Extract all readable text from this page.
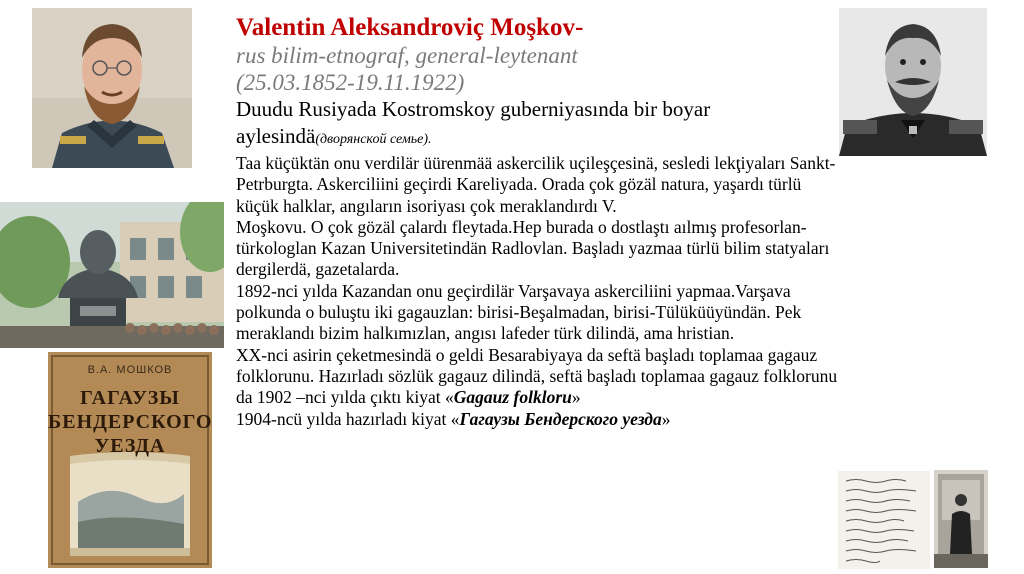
В.А. МОШКОВ
ГАГАУЗЫ
БЕНДЕРСКОГО
УЕЗДА
Valentin Aleksandroviç Moşkov-
rus bilim-etnograf, general-leytenant
(25.03.1852-19.11.1922)
Duudu Rusiyada Kostromskoy guberniyasında bir boyar
aylesindä(дворянской семье).
Taa küçüktän onu verdilär üürenmää askercilik uçileşçesinä, sesledi lekţiyaları Sankt-
Petrburgta. Askerciliini geçirdi Kareliyada. Orada çok gözäl natura, yaşardı türlü
küçük halklar, angıların isoriyası çok meraklandırdı V.
Moşkovu. O çok gözäl çalardı fleytada.Hep burada o dostlaştı aılmış profesorlan-
türkologlan Kazan Universitetindän Radlovlan. Başladı yazmaa türlü bilim statyaları
dergilerdä, gazetalarda.
1892-nci yılda Kazandan onu geçirdilär Varşavaya askerciliini yapmaa.Varşava
polkunda o buluştu iki gagauzlan: birisi-Beşalmadan, birisi-Tülüküüyündän. Pek
meraklandı bizim halkımızlan, angısı lafeder türk dilindä, ama hristian.
XX-nci asirin çeketmesindä o geldi Besarabiyaya da seftä başladı toplamaa gagauz
folklorunu. Hazırladı sözlük gagauz dilindä, seftä başladı toplamaa gagauz folklorunu
da 1902 –nci yılda çıktı kiyat «Gagauz folkloru»
1904-ncü yılda hazırladı kiyat «Гагаузы Бендерского уезда»
